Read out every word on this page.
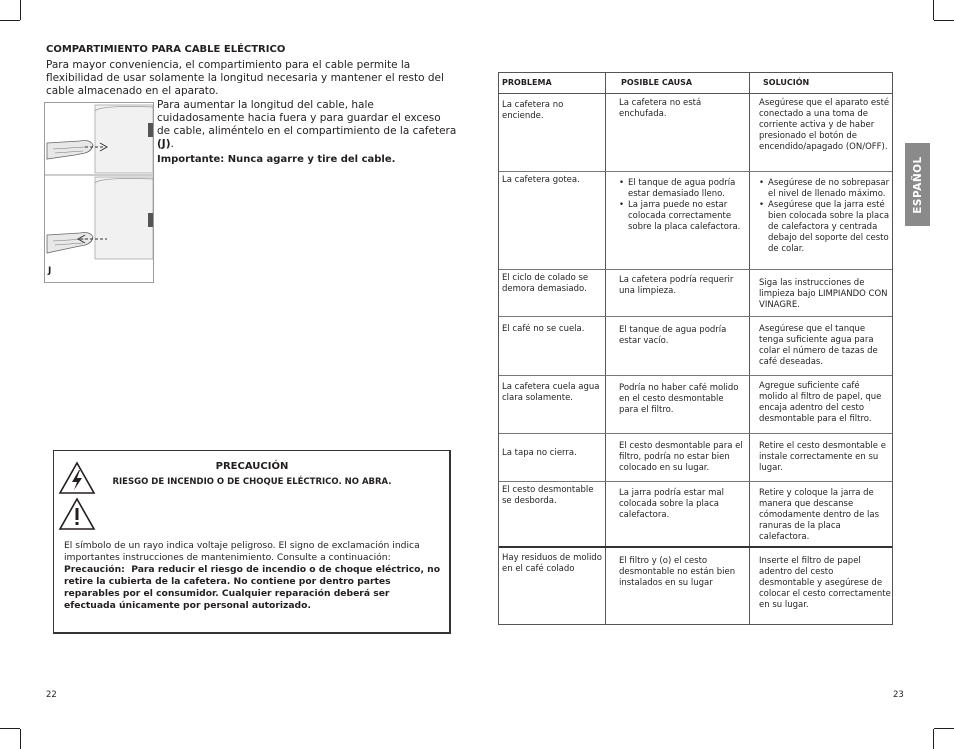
COMPARTIMIENTO PARA CABLE ELÉCTRICO
Para mayor conveniencia, el compartimiento para el cable permite la flexibilidad de usar solamente la longitud necesaria y mantener el resto del cable almacenado en el aparato.
J

Para aumentar la longitud del cable, hale cuidadosamente hacia fuera y para guardar el exceso de cable, aliméntelo en el compartimiento de la cafetera (J).

Importante: Nunca agarre y tire del cable.

PRECAUCIÓN
RIESGO DE INCENDIO O DE CHOQUE ELÉCTRICO. NO ABRA.

El símbolo de un rayo indica voltaje peligroso. El signo de exclamación indica importantes instrucciones de mantenimiento. Consulte a continuación:

Precaución: Para reducir el riesgo de incendio o de choque eléctrico, no retire la cubierta de la cafetera. No contiene por dentro partes reparables por el consumidor. Cualquier reparación deberá ser efectuada únicamente por personal autorizado.

22
PROBLEMA	POSIBLE CAUSA	SOLUCIÓN
La cafetera no enciende.
La cafetera no está enchufada.
Asegúrese que el aparato esté conectado a una toma de corriente activa y de haber presionado el botón de encendido/apagado (ON/OFF).
La cafetera gotea.
•	El tanque de agua podría estar demasiado lleno.
• La jarra puede no estar colocada correctamente sobre la placa calefactora.
• Asegúrese de no sobrepasar el nivel de llenado máximo.
• Asegúrese que la jarra esté bien colocada sobre la placa de calefactora y centrada debajo del soporte del cesto de colar.
El ciclo de colado se demora demasiado.
La cafetera podría requerir una limpieza.
Siga las instrucciones de limpieza bajo LIMPIANDO CON VINAGRE.
El café no se cuela.	El tanque de agua podría estar vacío.
Asegúrese que el tanque tenga suficiente agua para colar el número de tazas de café deseadas.
La cafetera cuela agua clara solamente.
Podría no haber café molido en el cesto desmontable para el filtro.
Agregue suficiente café molido al filtro de papel, que encaja adentro del cesto desmontable para el filtro.
La tapa no cierra.
El cesto desmontable para el filtro, podría no estar bien colocado en su lugar.
Retire el cesto desmontable e instale correctamente en su lugar.
El cesto desmontable se desborda.
La jarra podría estar mal colocada sobre la placa calefactora.
Retire y coloque la jarra de manera que descanse cómodamente dentro de las ranuras de la placa calefactora.
Hay residuos de molido en el café colado
El filtro y (o) el cesto desmontable no están bien instalados en su lugar
Inserte el filtro de papel adentro del cesto desmontable y asegúrese de colocar el cesto correctamente en su lugar.
ESPAÑOL
23
